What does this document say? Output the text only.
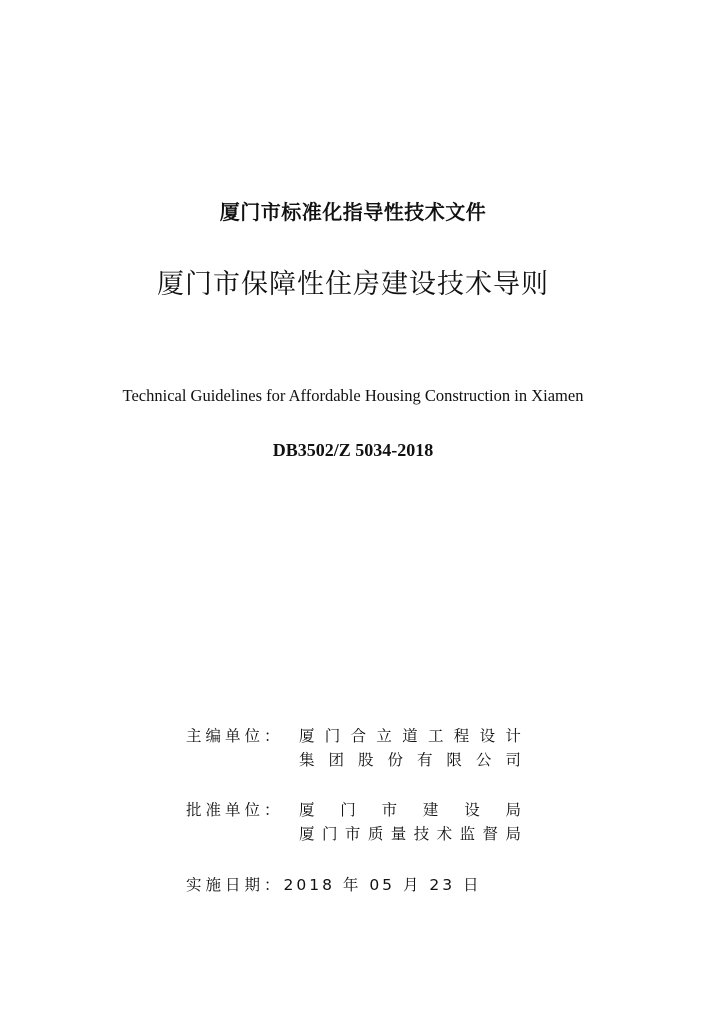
厦门市标准化指导性技术文件
厦门市保障性住房建设技术导则
Technical Guidelines for Affordable Housing Construction in Xiamen
DB3502/Z 5034-2018
主编单位： 厦 门 合 立 道 工 程 设 计
集 团 股 份 有 限 公 司
批准单位： 厦 门 市 建 设 局
厦 门 市 质 量 技 术 监 督 局
实施日期： 2018 年 05 月 23 日
